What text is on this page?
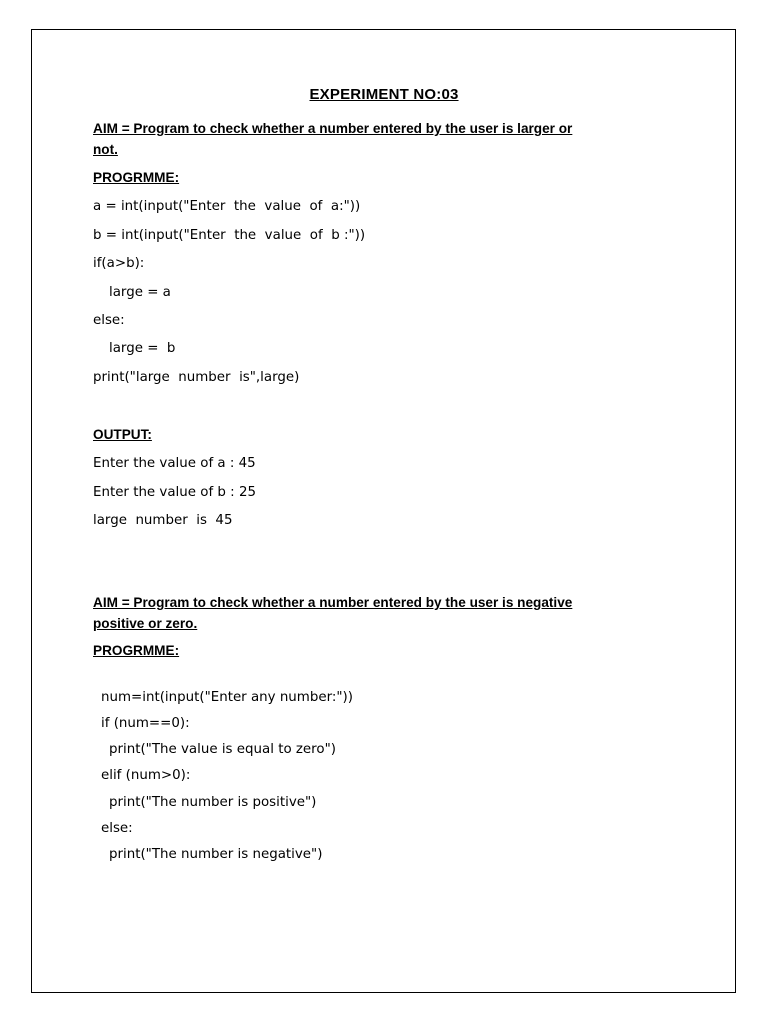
EXPERIMENT NO:03
AIM = Program to check whether a number entered by the user is larger or
not.
PROGRMME:
a = int(input("Enter  the  value  of  a:"))
b = int(input("Enter  the  value  of  b :"))
if(a>b):
large = a
else:
large =  b
print("large  number  is",large)
OUTPUT:
Enter the value of a : 45
Enter the value of b : 25
large  number  is  45
AIM = Program to check whether a number entered by the user is negative
positive or zero.
PROGRMME:
num=int(input("Enter any number:"))
if (num==0):
print("The value is equal to zero")
elif (num>0):
print("The number is positive")
else:
print("The number is negative")
